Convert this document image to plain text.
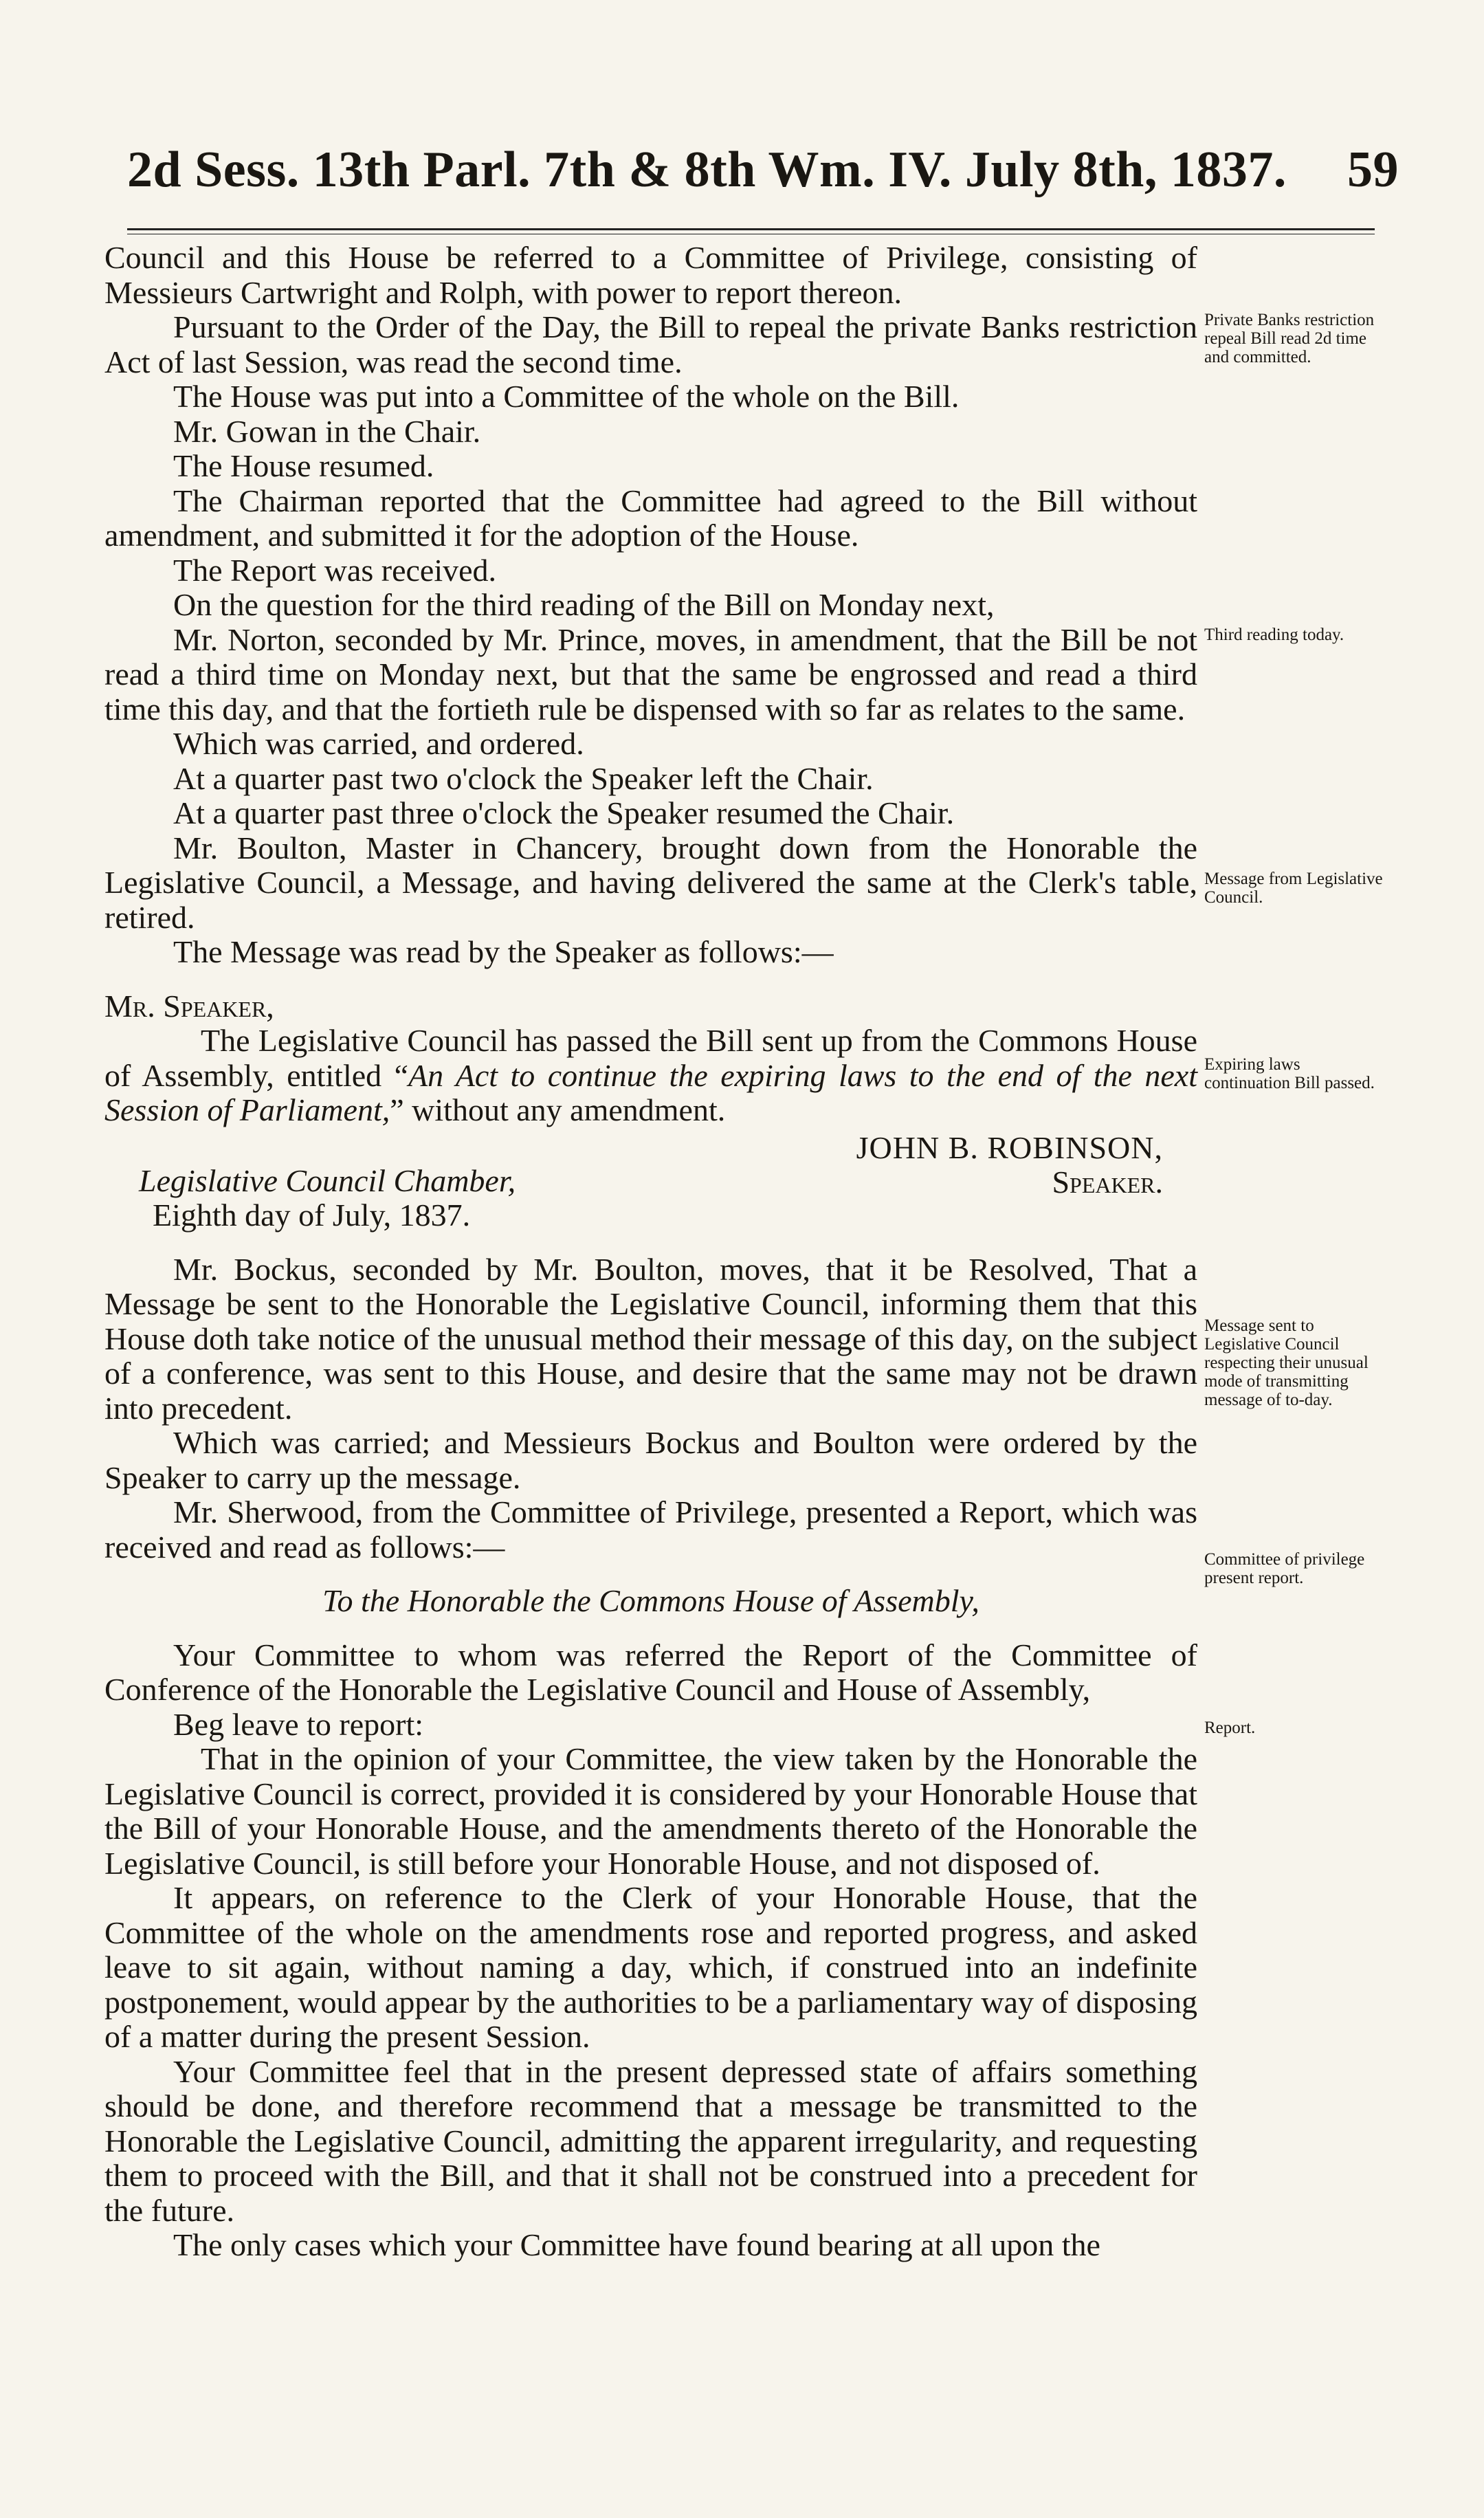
2d Sess. 13th Parl. 7th & 8th Wm. IV. July 8th, 1837. 59

Council and this House be referred to a Committee of Privilege, consisting of Messieurs Cartwright and Rolph, with power to report thereon.

Pursuant to the Order of the Day, the Bill to repeal the private Banks restriction Act of last Session, was read the second time.

The House was put into a Committee of the whole on the Bill.

Mr. Gowan in the Chair.

The House resumed.

The Chairman reported that the Committee had agreed to the Bill without amendment, and submitted it for the adoption of the House.

The Report was received.

On the question for the third reading of the Bill on Monday next,

Mr. Norton, seconded by Mr. Prince, moves, in amendment, that the Bill be not read a third time on Monday next, but that the same be engrossed and read a third time this day, and that the fortieth rule be dispensed with so far as relates to the same.

Which was carried, and ordered.

At a quarter past two o'clock the Speaker left the Chair.

At a quarter past three o'clock the Speaker resumed the Chair.

Mr. Boulton, Master in Chancery, brought down from the Honorable the Legislative Council, a Message, and having delivered the same at the Clerk's table, retired.

The Message was read by the Speaker as follows:—

Mr. Speaker,

The Legislative Council has passed the Bill sent up from the Commons House of Assembly, entitled “An Act to continue the expiring laws to the end of the next Session of Parliament,” without any amendment.

Legislative Council Chamber,
Eighth day of July, 1837.
JOHN B. ROBINSON,
Speaker.

Mr. Bockus, seconded by Mr. Boulton, moves, that it be Resolved, That a Message be sent to the Honorable the Legislative Council, informing them that this House doth take notice of the unusual method their message of this day, on the subject of a conference, was sent to this House, and desire that the same may not be drawn into precedent.

Which was carried; and Messieurs Bockus and Boulton were ordered by the Speaker to carry up the message.

Mr. Sherwood, from the Committee of Privilege, presented a Report, which was received and read as follows:—

To the Honorable the Commons House of Assembly,

Your Committee to whom was referred the Report of the Committee of Conference of the Honorable the Legislative Council and House of Assembly,

Beg leave to report:

That in the opinion of your Committee, the view taken by the Honorable the Legislative Council is correct, provided it is considered by your Honorable House that the Bill of your Honorable House, and the amendments thereto of the Honorable the Legislative Council, is still before your Honorable House, and not disposed of.

It appears, on reference to the Clerk of your Honorable House, that the Committee of the whole on the amendments rose and reported progress, and asked leave to sit again, without naming a day, which, if construed into an indefinite postponement, would appear by the authorities to be a parliamentary way of disposing of a matter during the present Session.

Your Committee feel that in the present depressed state of affairs something should be done, and therefore recommend that a message be transmitted to the Honorable the Legislative Council, admitting the apparent irregularity, and requesting them to proceed with the Bill, and that it shall not be construed into a precedent for the future.

The only cases which your Committee have found bearing at all upon the

Private Banks restriction repeal Bill read 2d time and committed.
Third reading today.
Message from Legislative Council.
Expiring laws continuation Bill passed.
Message sent to Legislative Council respecting their unusual mode of transmitting message of to-day.
Committee of privilege present report.
Report.
